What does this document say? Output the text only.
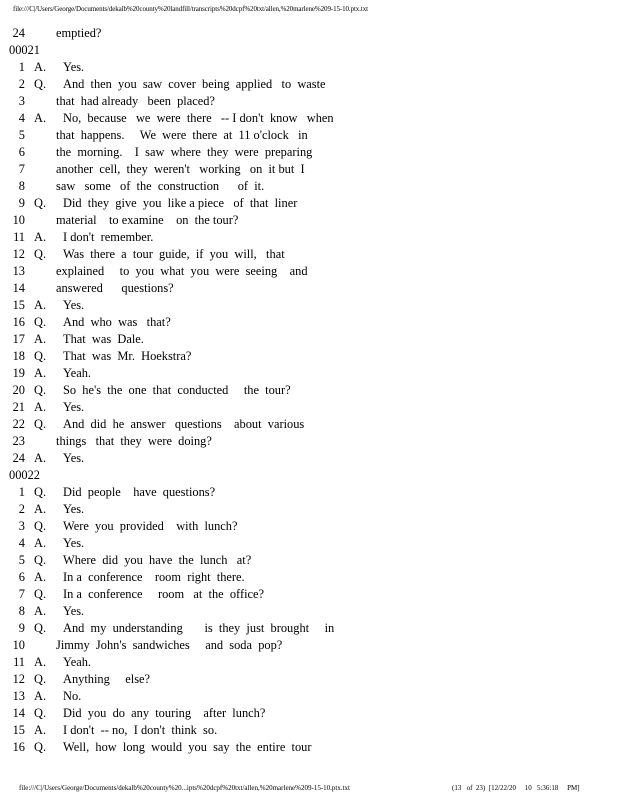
file:///C|/Users/George/Documents/dekalb%20county%20landfill/transcripts%20dcpf%20txt/allen,%20marlene%209-15-10.ptx.txt
24	emptied?
00021
1 A. Yes.
2 Q. And  then  you  saw  cover  being  applied   to  waste
3	that  had already   been  placed?
4 A. No,  because   we  were  there   -- I don't  know   when
5	that  happens.     We  were  there  at  11 o'clock   in
6	the  morning.    I  saw  where  they  were  preparing
7	another  cell,  they  weren't   working   on  it but  I
8	saw   some   of  the  construction      of  it.
9 Q. Did  they  give  you  like a piece   of  that  liner
10	material    to examine    on  the tour?
11 A. I don't  remember.
12 Q. Was  there  a  tour  guide,  if  you  will,   that
13	explained     to  you  what  you  were  seeing    and
14	answered      questions?
15 A. Yes.
16 Q. And  who  was   that?
17 A. That  was  Dale.
18 Q. That  was  Mr.  Hoekstra?
19 A. Yeah.
20 Q. So  he's  the  one  that  conducted     the  tour?
21 A. Yes.
22 Q. And  did  he  answer   questions    about  various
23	things   that  they  were  doing?
24 A. Yes.
00022
1 Q. Did  people    have  questions?
2 A. Yes.
3 Q. Were  you  provided    with  lunch?
4 A. Yes.
5 Q. Where  did  you  have  the  lunch   at?
6 A. In a  conference    room  right  there.
7 Q. In a  conference     room   at  the  office?
8 A. Yes.
9 Q. And  my  understanding       is  they  just  brought     in
10	Jimmy  John's  sandwiches     and  soda  pop?
11 A. Yeah.
12 Q. Anything     else?
13 A. No.
14 Q. Did  you  do  any  touring    after  lunch?
15 A. I don't  -- no,  I don't  think  so.
16 Q. Well,  how  long  would  you  say  the  entire  tour
file:///C|/Users/George/Documents/dekalb%20county%20...ipts%20dcpf%20txt/allen,%20marlene%209-15-10.ptx.txt	(13   of  23)  [12/22/20     10   5:36:18     PM]
